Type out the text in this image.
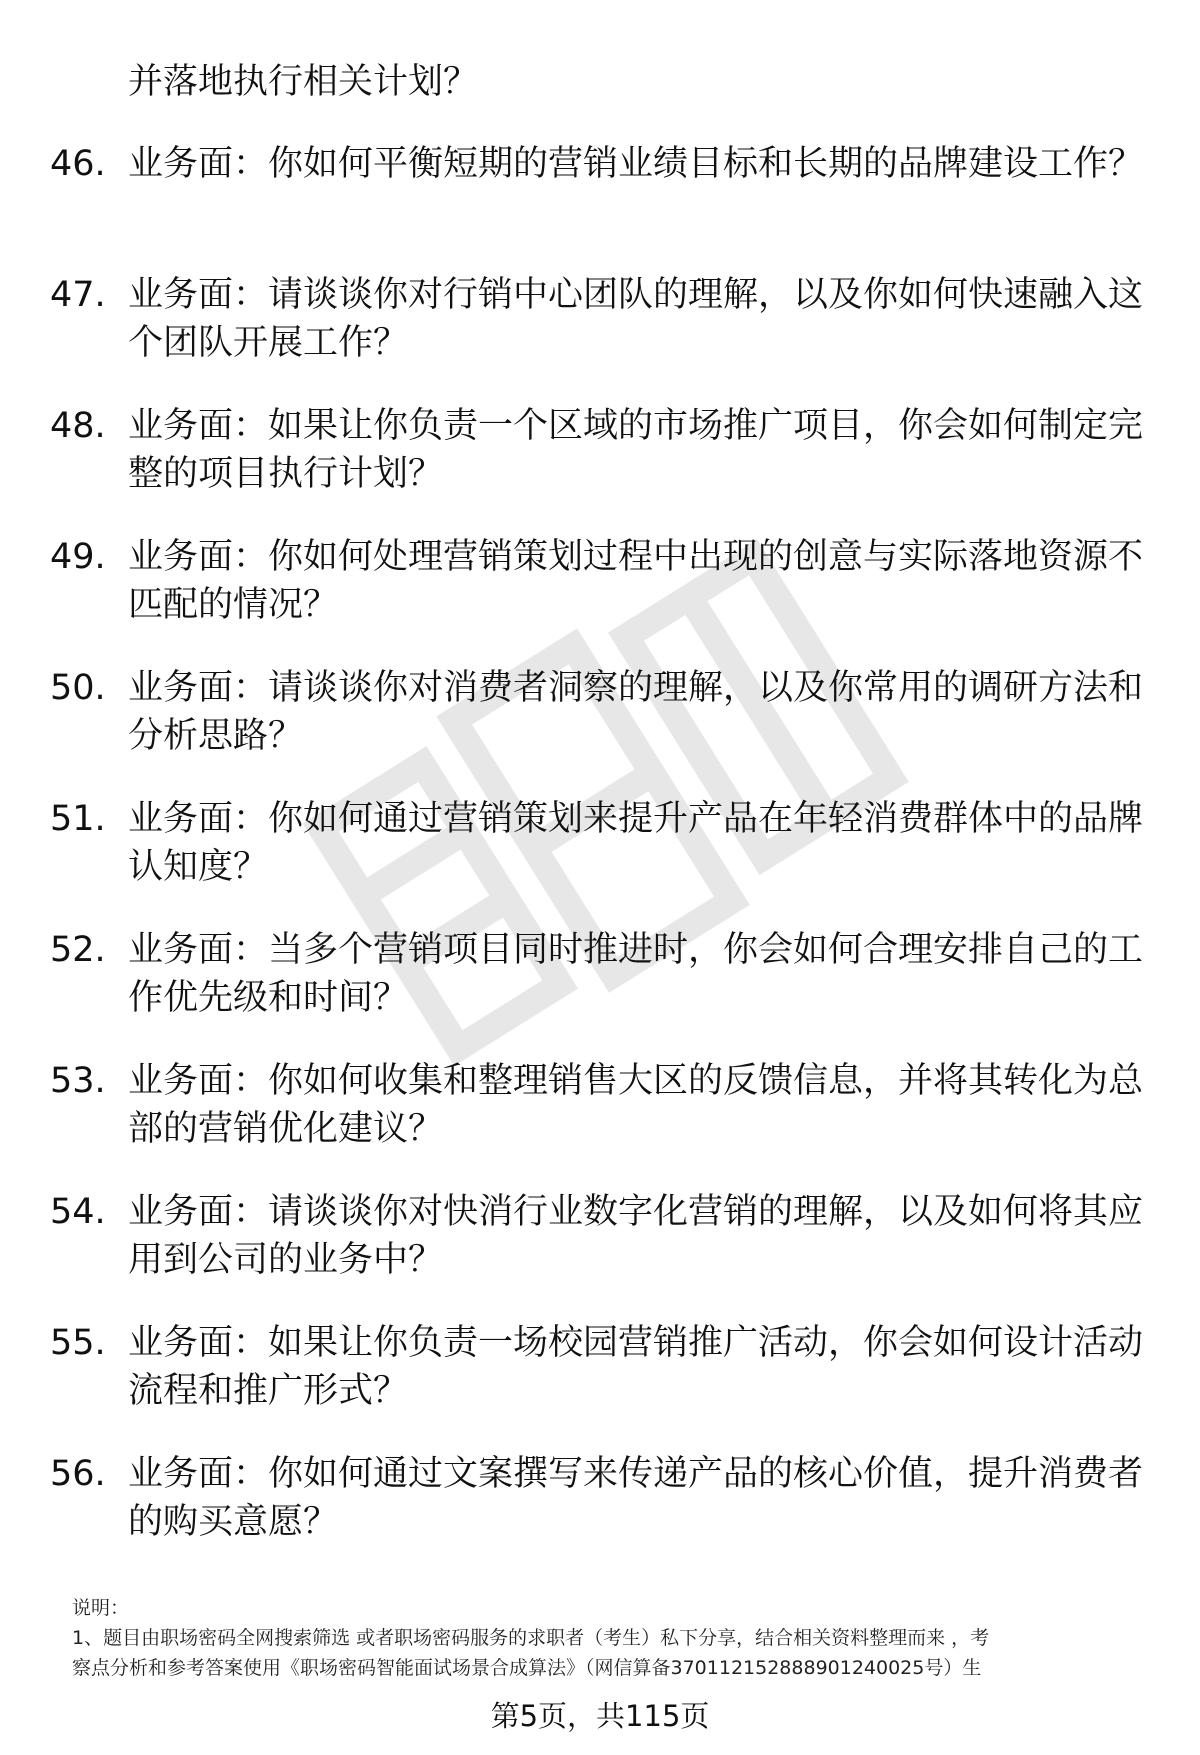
并落地执行相关计划？

46. 业务面：你如何平衡短期的营销业绩目标和长期的品牌建设工作？
47. 业务面：请谈谈你对行销中心团队的理解，以及你如何快速融入这个团队开展工作？
48. 业务面：如果让你负责一个区域的市场推广项目，你会如何制定完整的项目执行计划？
49. 业务面：你如何处理营销策划过程中出现的创意与实际落地资源不匹配的情况？
50. 业务面：请谈谈你对消费者洞察的理解，以及你常用的调研方法和分析思路？
51. 业务面：你如何通过营销策划来提升产品在年轻消费群体中的品牌认知度？
52. 业务面：当多个营销项目同时推进时，你会如何合理安排自己的工作优先级和时间？
53. 业务面：你如何收集和整理销售大区的反馈信息，并将其转化为总部的营销优化建议？
54. 业务面：请谈谈你对快消行业数字化营销的理解，以及如何将其应用到公司的业务中？
55. 业务面：如果让你负责一场校园营销推广活动，你会如何设计活动流程和推广形式？
56. 业务面：你如何通过文案撰写来传递产品的核心价值，提升消费者的购买意愿？

说明：

1、题目由职场密码全网搜索筛选 或者职场密码服务的求职者（考生）私下分享，结合相关资料整理而来 ，考

察点分析和参考答案使用《职场密码智能面试场景合成算法》（网信算备370112152888901240025号）生

第5页，共115页
